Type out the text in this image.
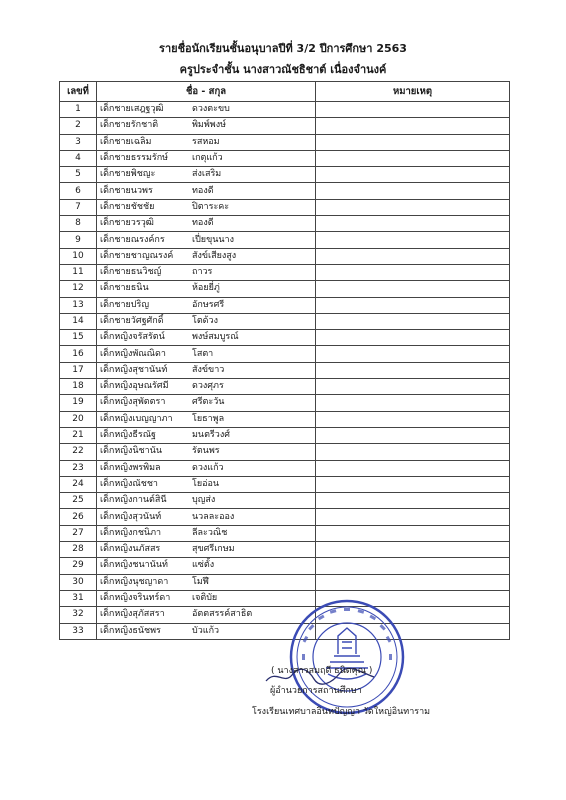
รายชื่อนักเรียนชั้นอนุบาลปีที่ 3/2 ปีการศึกษา 2563
ครูประจำชั้น นางสาวณัชธิชาต์ เนื่องจำนงค์
เลขที่	ชื่อ - สกุล	หมายเหตุ
1	เด็กชายเสฎฐวุฒิ ดวงตะขบ	
2	เด็กชายรักชาติ พิมพ์พงษ์	
3	เด็กชายเฉลิม รสหอม	
4	เด็กชายธรรมรักษ์ เกตุแก้ว	
5	เด็กชายพิชญะ ส่งเสริม	
6	เด็กชายนวพร ทองดี	
7	เด็กชายชัชชัย ปิตาระคะ	
8	เด็กชายวรวุฒิ ทองดี	
9	เด็กชายณรงค์กร เปี่ยขุนนาง	
10	เด็กชายชาญณรงค์ สังข์เสียงสูง	
11	เด็กชายธนวิชญ์ ถาวร	
12	เด็กชายธนิน ห้อยยี่ภู่	
13	เด็กชายปริญ อักษรศรี	
14	เด็กชายวัศฐศักดิ์ โตด้วง	
15	เด็กหญิงจรัสรัตน์ พงษ์สมบูรณ์	
16	เด็กหญิงพัณณิดา โสตา	
17	เด็กหญิงสุชานันท์ สังข์ขาว	
18	เด็กหญิงอุษณรัศมี ดวงศุภร	
19	เด็กหญิงสุพัตตรา ศรีตะวัน	
20	เด็กหญิงเบญญาภา โยธาพูล	
21	เด็กหญิงธีรณัฐ มนตรีวงศ์	
22	เด็กหญิงนิชานัน รัตนพร	
23	เด็กหญิงพรพิมล ดวงแก้ว	
24	เด็กหญิงณัชชา โยอ่อน	
25	เด็กหญิงกานต์สินี บุญส่ง	
26	เด็กหญิงสุวนันท์ นวลละออง	
27	เด็กหญิงกชนิภา ลีละวณิช	
28	เด็กหญิงนภัสสร สุขศรีเกษม	
29	เด็กหญิงชนานันท์ แซ่ตั้ง	
30	เด็กหญิงนุชญาดา โมฬี	
31	เด็กหญิงจรินทร์ดา เจติบัย	
32	เด็กหญิงสุภัสสรา อัตตสรรค์สาธิต	
33	เด็กหญิงธนัชพร บัวแก้ว	
( นางสาวสมฤดี ธนิตคุณ )
ผู้อำนวยการสถานศึกษา
โรงเรียนเทศบาลอินทปัญญา วัดใหญ่อินทาราม
